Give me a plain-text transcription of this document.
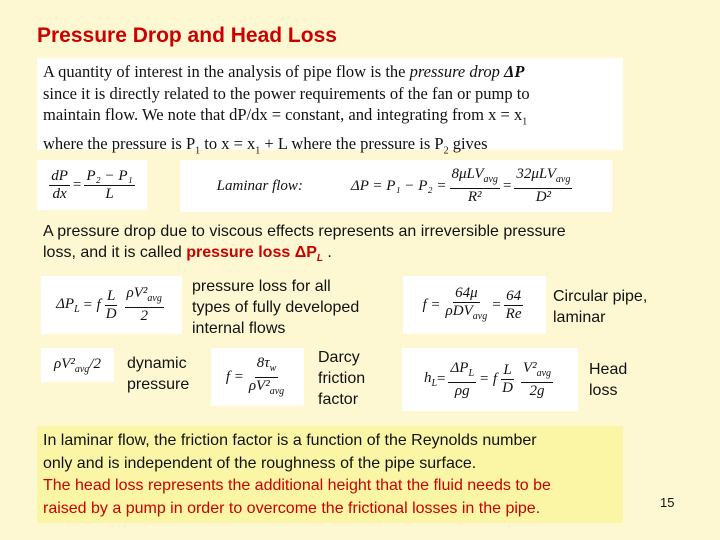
Pressure Drop and Head Loss
A quantity of interest in the analysis of pipe flow is the pressure drop ΔP
since it is directly related to the power requirements of the fan or pump to
maintain flow. We note that dP/dx = constant, and integrating from $x = x_1$
where the pressure is $P_1$ to $x = x_1 + L$ where the pressure is $P_2$ gives
$\frac{dP}{dx} = \frac{\text{P₂ − P₁}}{L}$	Laminar flow:	$\Delta P = P_1 - P_2 = \frac{8\mu LV_{avg}}{\text{R²}} = \frac{32\mu LV_{avg}}{\text{D²}}$
A pressure drop due to viscous effects represents an irreversible pressure
loss, and it is called pressure loss $\Delta P_L$ .
$\Delta P_L = f \frac{L}{D} \frac{\rho V^2_{avg}}{2}$ pressure loss for all
types of fully developed
internal flows
$f = \frac{64\mu}{\rho DV_{avg}} = \frac{64}{Re}$ Circular pipe,
laminar
$\rho V^2_{avg}/2$ dynamic
pressure $f = \frac{8\tau_w}{\rho V^2_{avg}}$ Darcy
friction
factor
$h_L = \frac{\Delta P_L}{\rho g} = f \frac{L}{D} \frac{V^2_{avg}}{2g}$ Head
loss
In laminar flow, the friction factor is a function of the Reynolds number
only and is independent of the roughness of the pipe surface.
The head loss represents the additional height that the fluid needs to be
raised by a pump in order to overcome the frictional losses in the pipe.	15
